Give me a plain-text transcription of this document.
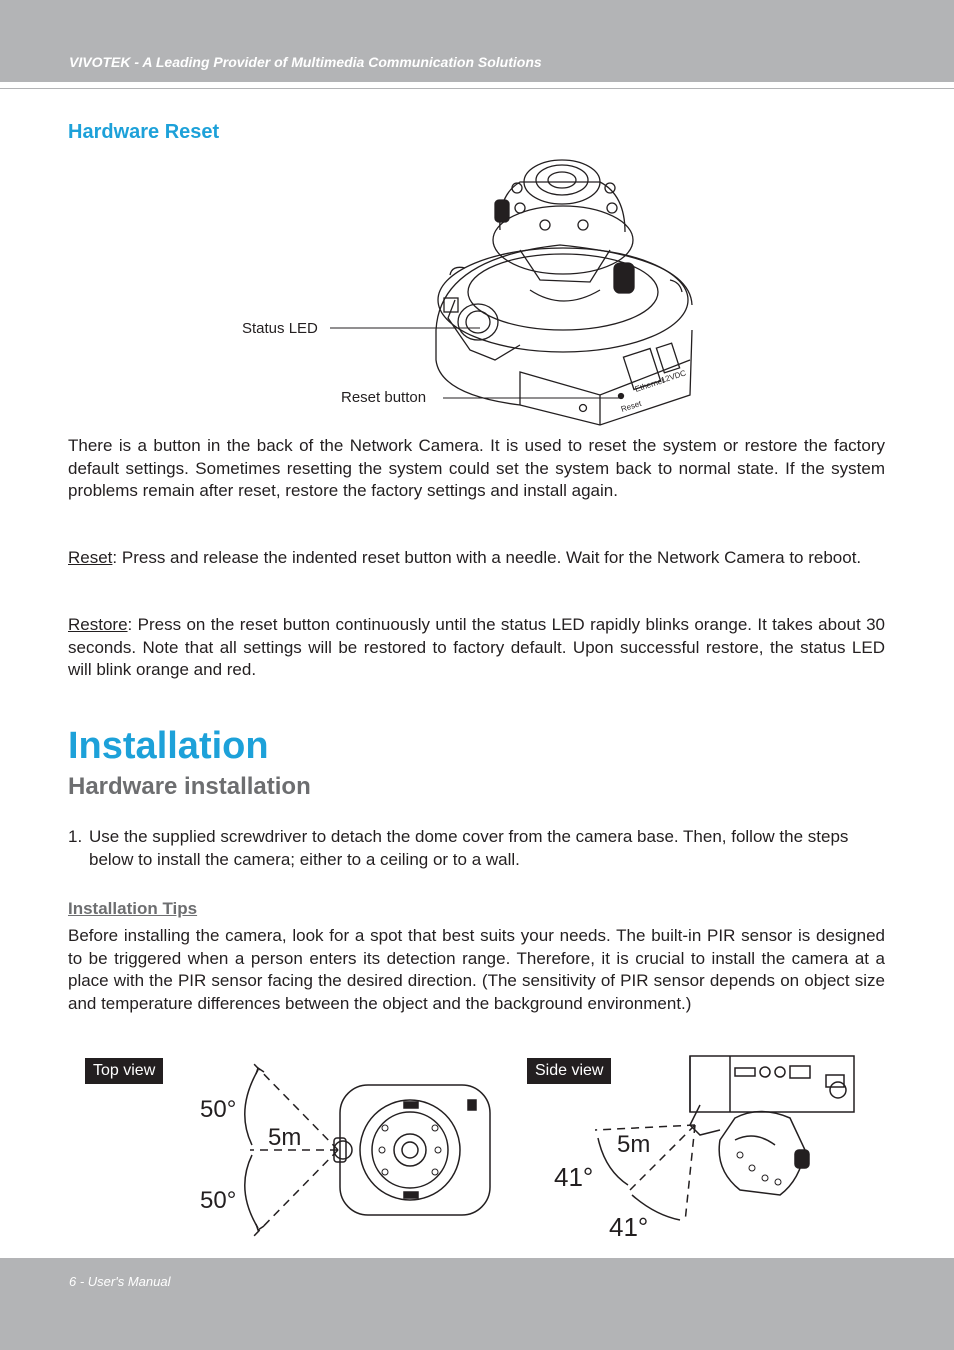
VIVOTEK - A Leading Provider of Multimedia Communication Solutions
Hardware Reset
Reset
Ethernet
12VDC
Status LED
Reset button

There is a button in the back of the Network Camera. It is used to reset the system or restore the factory default settings. Sometimes resetting the system could set the system back to normal state. If the system problems remain after reset, restore the factory settings and install again.

Reset: Press and release the indented reset button with a needle. Wait for the Network Camera to reboot.

Restore: Press on the reset button continuously until the status LED rapidly blinks orange. It takes about 30 seconds. Note that all settings will be restored to factory default. Upon successful restore, the status LED will blink orange and red.

Installation
Hardware installation
1. Use the supplied screwdriver to detach the dome cover from the camera base. Then, follow the steps below to install the camera; either to a ceiling or to a wall.
Installation Tips

Before installing the camera, look for a spot that best suits your needs. The built-in PIR sensor is designed to be triggered when a person enters its detection range. Therefore, it is crucial to install the camera at a place with the PIR sensor facing the desired direction. (The sensitivity of PIR sensor depends on object size and temperature differences between the object and the background environment.)

Top view
50°
5m
50°
Side view
5m
41°
41°
6 - User's Manual
